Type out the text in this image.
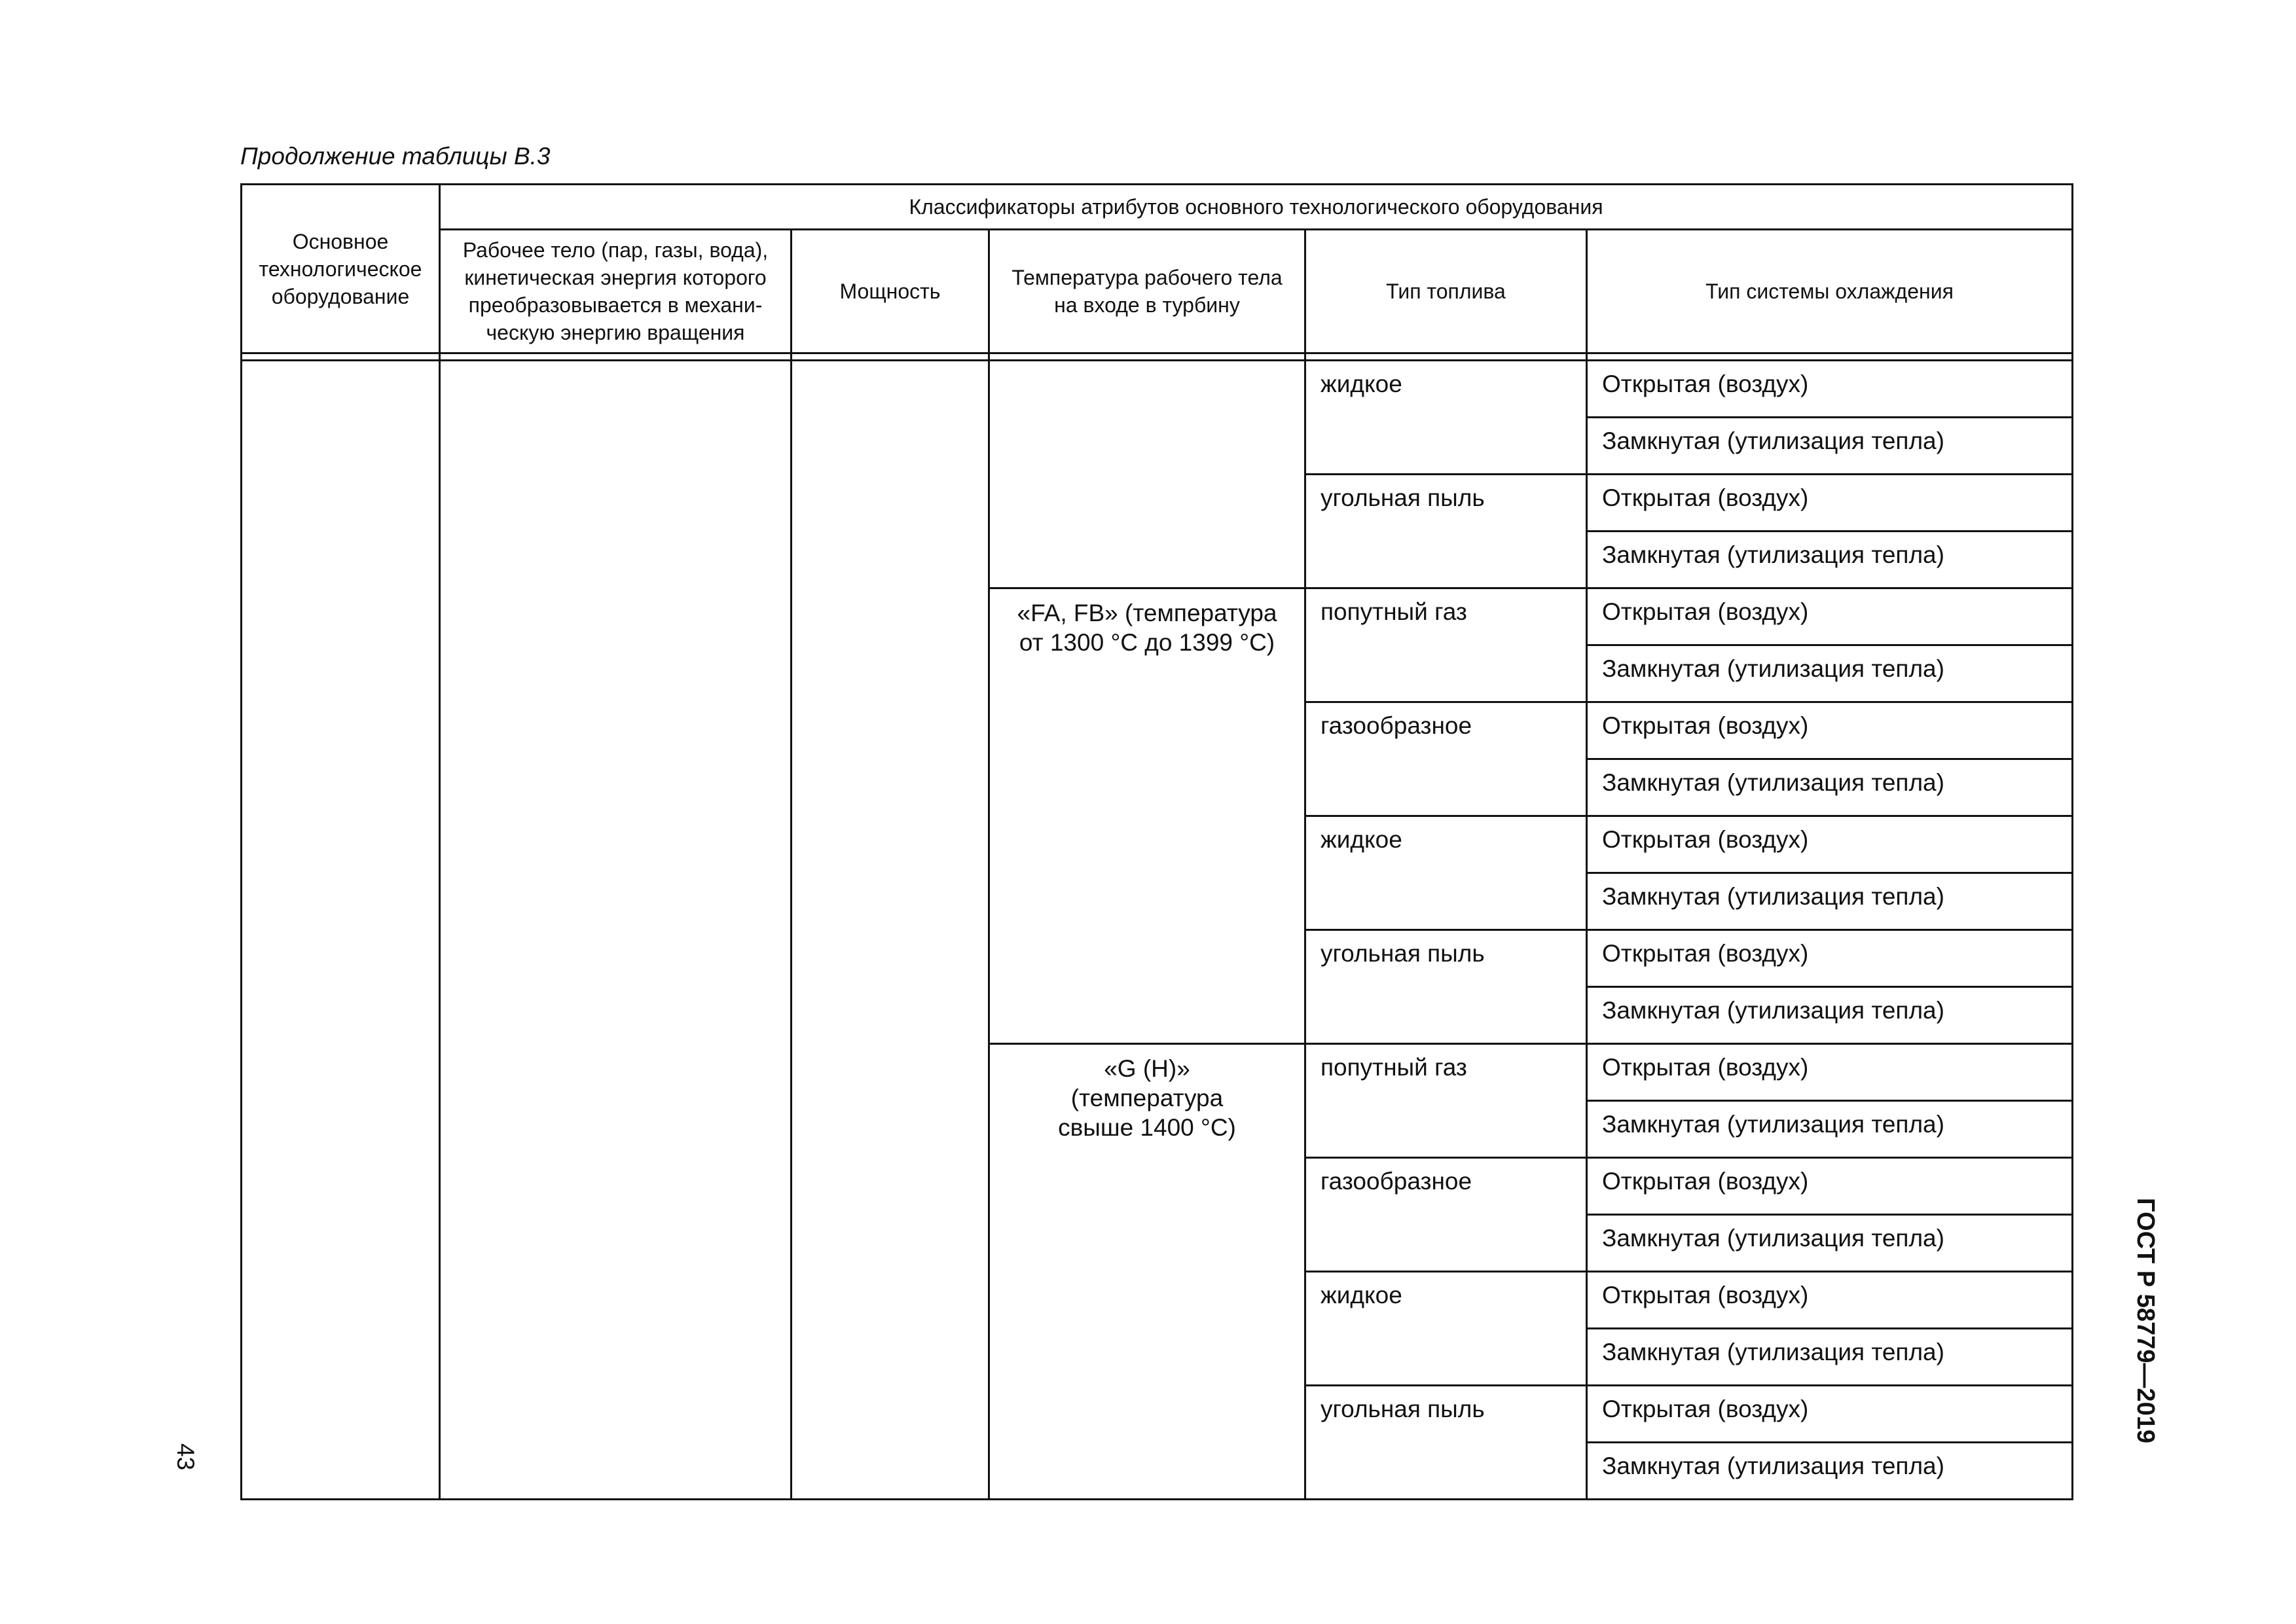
Продолжение таблицы В.3
Основное технологическое оборудование	Классификаторы атрибутов основного технологического оборудования				
	Рабочее тело (пар, газы, вода), кинетическая энергия которого преобразовывается в механическую энергию вращения	Мощность	Температура рабочего тела на входе в турбину	Тип топлива	Тип системы охлаждения

				жидкое	Открытая (воздух)
					Замкнутая (утилизация тепла)
				угольная пыль	Открытая (воздух)
					Замкнутая (утилизация тепла)
			«FA, FB» (температура от 1300 °С до 1399 °С)	попутный газ	Открытая (воздух)
					Замкнутая (утилизация тепла)
				газообразное	Открытая (воздух)
					Замкнутая (утилизация тепла)
				жидкое	Открытая (воздух)
					Замкнутая (утилизация тепла)
				угольная пыль	Открытая (воздух)
					Замкнутая (утилизация тепла)
			«G (H)» (температура свыше 1400 °С)	попутный газ	Открытая (воздух)
					Замкнутая (утилизация тепла)
				газообразное	Открытая (воздух)
					Замкнутая (утилизация тепла)
				жидкое	Открытая (воздух)
					Замкнутая (утилизация тепла)
				угольная пыль	Открытая (воздух)
					Замкнутая (утилизация тепла)
43
ГОСТ Р 58779—2019
